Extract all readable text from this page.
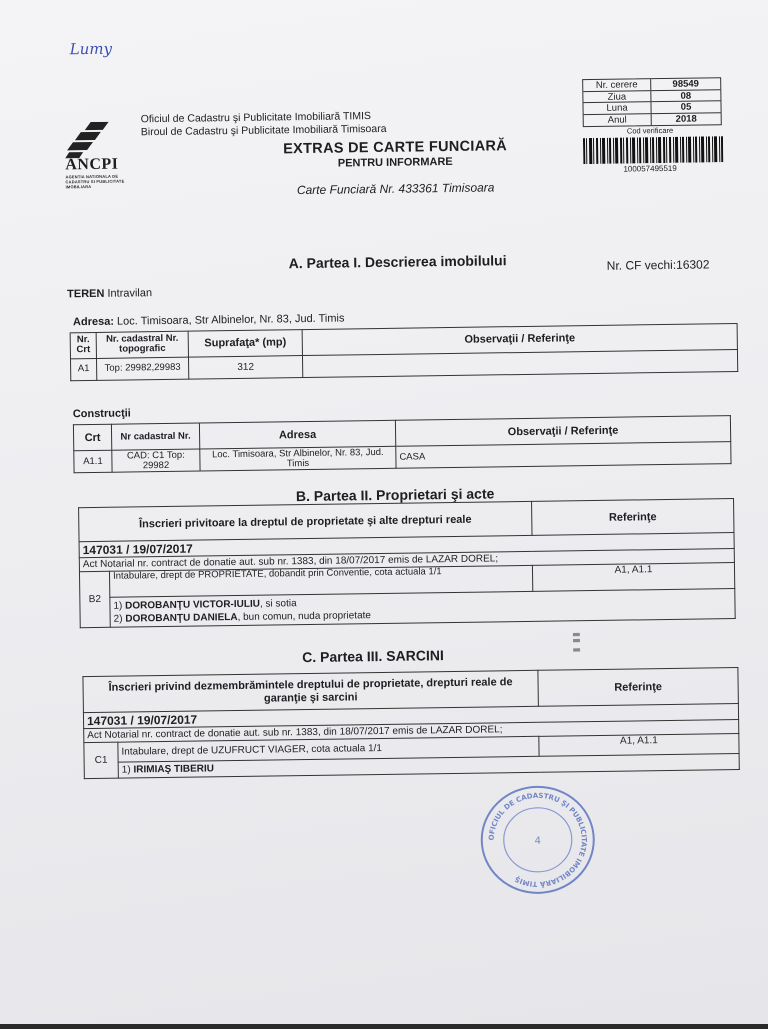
Lumy
ANCPI
AGENTIA NATIONALA DE CADASTRU SI PUBLICITATE IMOBILIARA
Oficiul de Cadastru şi Publicitate Imobiliară TIMIS
Biroul de Cadastru şi Publicitate Imobiliară Timisoara
EXTRAS DE CARTE FUNCIARĂ
PENTRU INFORMARE
Carte Funciară Nr. 433361 Timisoara
Nr. cerere	98549
Ziua	08
Luna	05
Anul	2018
Cod verificare
100057495519
A. Partea I. Descrierea imobilului	Nr. CF vechi:16302
TEREN Intravilan
Adresa: Loc. Timisoara, Str Albinelor, Nr. 83, Jud. Timis			
Nr. Crt	Nr. cadastral Nr. topografic	Suprafaţa* (mp)	Observaţii / Referinţe
A1	Top: 29982,29983	312	
Crt	Nr cadastral Nr.	Adresa	Observaţii / Referinţe
A1.1	CAD: C1 Top: 29982	Loc. Timisoara, Str Albinelor, Nr. 83, Jud. Timis	CASA
Construcţii
B. Partea II. Proprietari şi acte
Înscrieri privitoare la dreptul de proprietate şi alte drepturi reale		Referinţe
147031 / 19/07/2017		
Act Notarial nr. contract de donatie aut. sub nr. 1383, din 18/07/2017 emis de LAZAR DOREL;		
B2	Intabulare, drept de PROPRIETATE, dobandit prin Conventie, cota actuala 1/1	A1, A1.1

	1) DOROBANŢU VICTOR-IULIU, si sotia
2) DOROBANŢU DANIELA, bun comun, nuda proprietate	
C. Partea III. SARCINI
Înscrieri privind dezmembrămintele dreptului de proprietate, drepturi reale de garanţie şi sarcini		Referinţe
147031 / 19/07/2017		
Act Notarial nr. contract de donatie aut. sub nr. 1383, din 18/07/2017 emis de LAZAR DOREL;		
C1	Intabulare, drept de UZUFRUCT VIAGER, cota actuala 1/1	A1, A1.1
	1) IRIMIAŞ TIBERIU	
▮▮ ▮
OFICIUL DE CADASTRU ŞI PUBLICITATE IMOBILIARĂ TIMIŞ
4
